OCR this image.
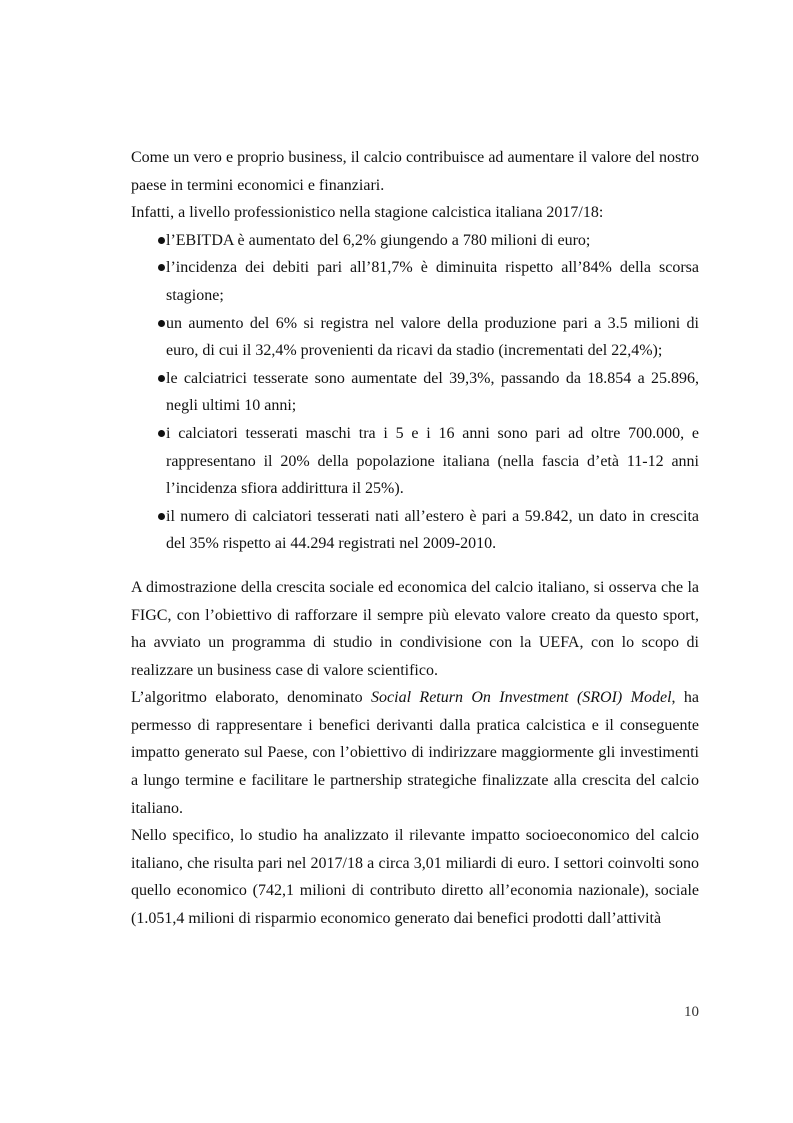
Come un vero e proprio business, il calcio contribuisce ad aumentare il valore del nostro paese in termini economici e finanziari.

Infatti, a livello professionistico nella stagione calcistica italiana 2017/18:

l’EBITDA è aumentato del 6,2% giungendo a 780 milioni di euro;
l’incidenza dei debiti pari all’81,7% è diminuita rispetto all’84% della scorsa stagione;
un aumento del 6% si registra nel valore della produzione pari a 3.5 milioni di euro, di cui il 32,4% provenienti da ricavi da stadio (incrementati del 22,4%);
le calciatrici tesserate sono aumentate del 39,3%, passando da 18.854 a 25.896, negli ultimi 10 anni;
i calciatori tesserati maschi tra i 5 e i 16 anni sono pari ad oltre 700.000, e rappresentano il 20% della popolazione italiana (nella fascia d’età 11-12 anni l’incidenza sfiora addirittura il 25%).
il numero di calciatori tesserati nati all’estero è pari a 59.842, un dato in crescita del 35% rispetto ai 44.294 registrati nel 2009-2010.

A dimostrazione della crescita sociale ed economica del calcio italiano, si osserva che la FIGC, con l’obiettivo di rafforzare il sempre più elevato valore creato da questo sport, ha avviato un programma di studio in condivisione con la UEFA, con lo scopo di realizzare un business case di valore scientifico.

L’algoritmo elaborato, denominato Social Return On Investment (SROI) Model, ha permesso di rappresentare i benefici derivanti dalla pratica calcistica e il conseguente impatto generato sul Paese, con l’obiettivo di indirizzare maggiormente gli investimenti a lungo termine e facilitare le partnership strategiche finalizzate alla crescita del calcio italiano.

Nello specifico, lo studio ha analizzato il rilevante impatto socioeconomico del calcio italiano, che risulta pari nel 2017/18 a circa 3,01 miliardi di euro. I settori coinvolti sono quello economico (742,1 milioni di contributo diretto all’economia nazionale), sociale (1.051,4 milioni di risparmio economico generato dai benefici prodotti dall’attività

10
